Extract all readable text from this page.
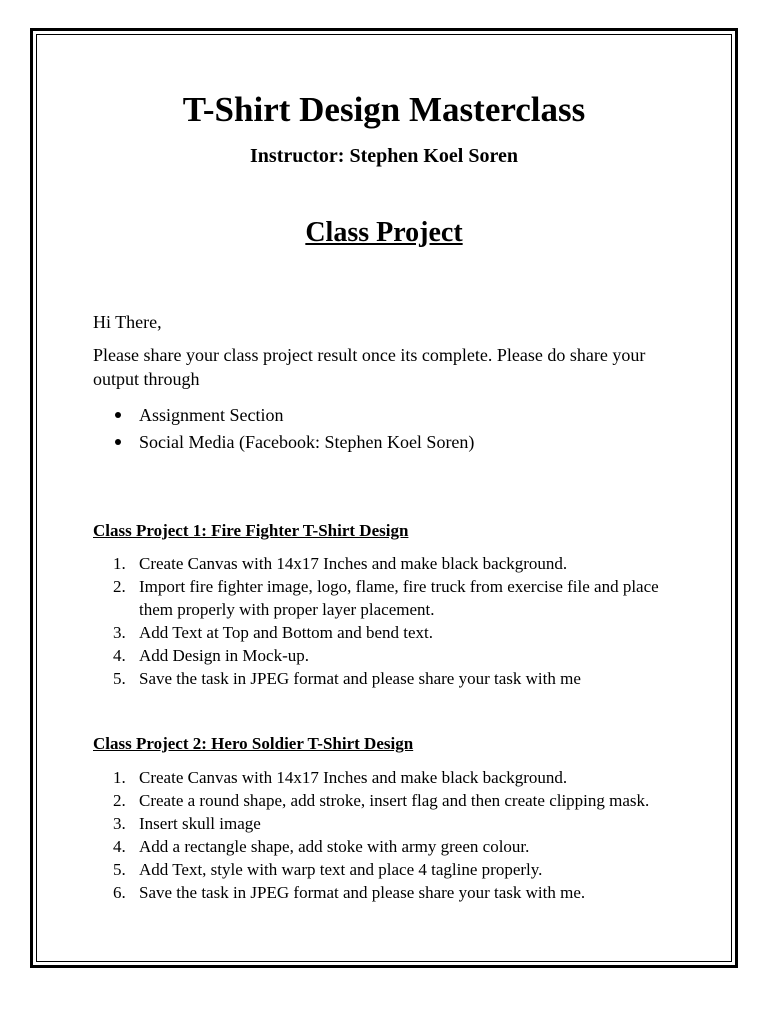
T-Shirt Design Masterclass
Instructor: Stephen Koel Soren
Class Project
Hi There,
Please share your class project result once its complete. Please do share your output through
Assignment Section
Social Media (Facebook: Stephen Koel Soren)
Class Project 1: Fire Fighter T-Shirt Design
1. Create Canvas with 14x17 Inches and make black background.
2. Import fire fighter image, logo, flame, fire truck from exercise file and place them properly with proper layer placement.
3. Add Text at Top and Bottom and bend text.
4. Add Design in Mock-up.
5. Save the task in JPEG format and please share your task with me
Class Project 2: Hero Soldier T-Shirt Design
1. Create Canvas with 14x17 Inches and make black background.
2. Create a round shape, add stroke, insert flag and then create clipping mask.
3. Insert skull image
4. Add a rectangle shape, add stoke with army green colour.
5. Add Text, style with warp text and place 4 tagline properly.
6. Save the task in JPEG format and please share your task with me.
